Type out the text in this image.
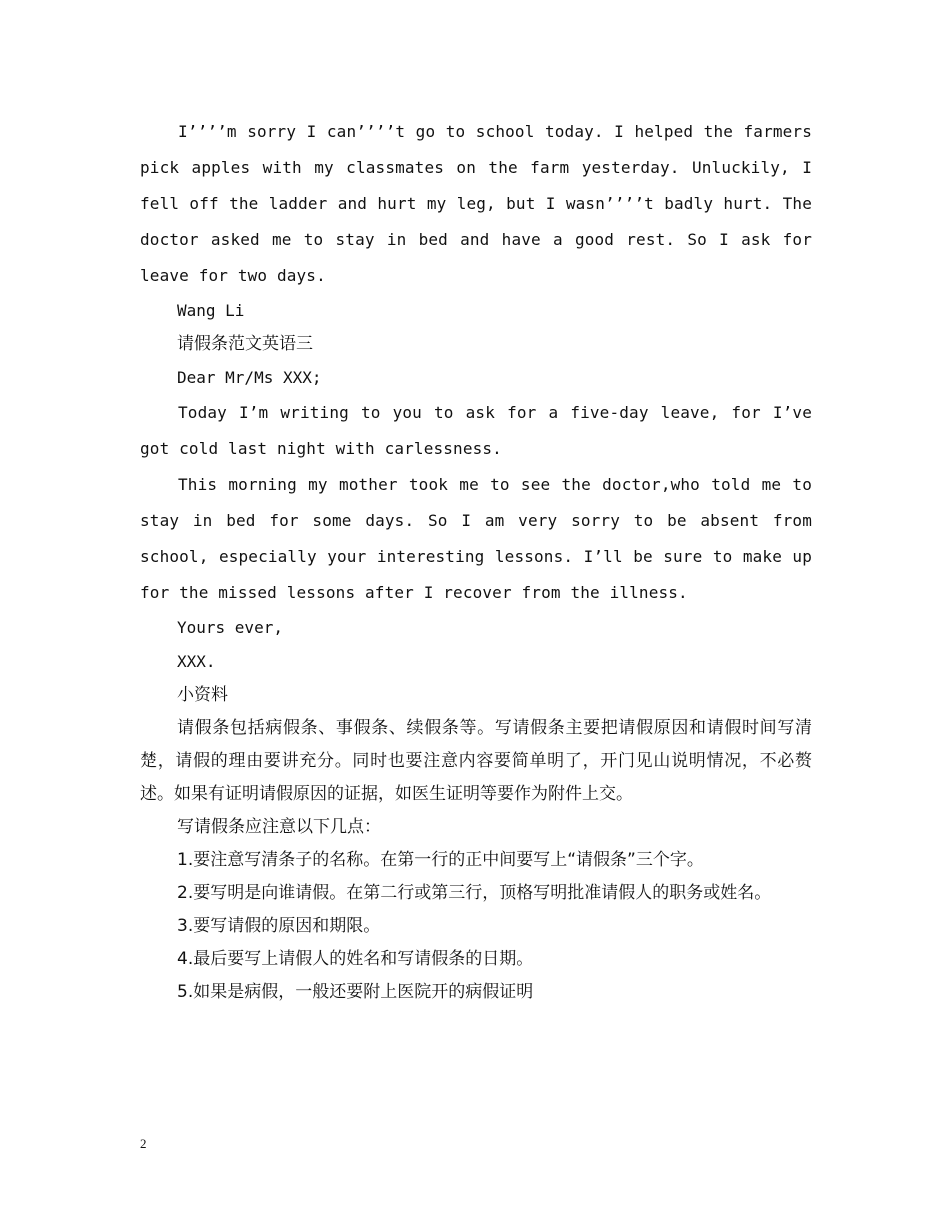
I’’’’m sorry I can’’’’t go to school today. I helped the farmers pick apples with my classmates on the farm yesterday. Unluckily, I fell off the ladder and hurt my leg, but I wasn’’’’t badly hurt. The doctor asked me to stay in bed and have a good rest. So I ask for leave for two days.

Wang Li

请假条范文英语三

Dear Mr/Ms XXX;

Today I’m writing to you to ask for a five-day leave, for I’ve got cold last night with carlessness.

This morning my mother took me to see the doctor,who told me to stay in bed for some days. So I am very sorry to be absent from school, especially your interesting lessons. I’ll be sure to make up for the missed lessons after I recover from the illness.

Yours ever,

XXX.

小资料

请假条包括病假条、事假条、续假条等。写请假条主要把请假原因和请假时间写清楚，请假的理由要讲充分。同时也要注意内容要简单明了，开门见山说明情况，不必赘述。如果有证明请假原因的证据，如医生证明等要作为附件上交。

写请假条应注意以下几点：

1.要注意写清条子的名称。在第一行的正中间要写上“请假条”三个字。

2.要写明是向谁请假。在第二行或第三行，顶格写明批准请假人的职务或姓名。

3.要写请假的原因和期限。

4.最后要写上请假人的姓名和写请假条的日期。

5.如果是病假，一般还要附上医院开的病假证明

2
